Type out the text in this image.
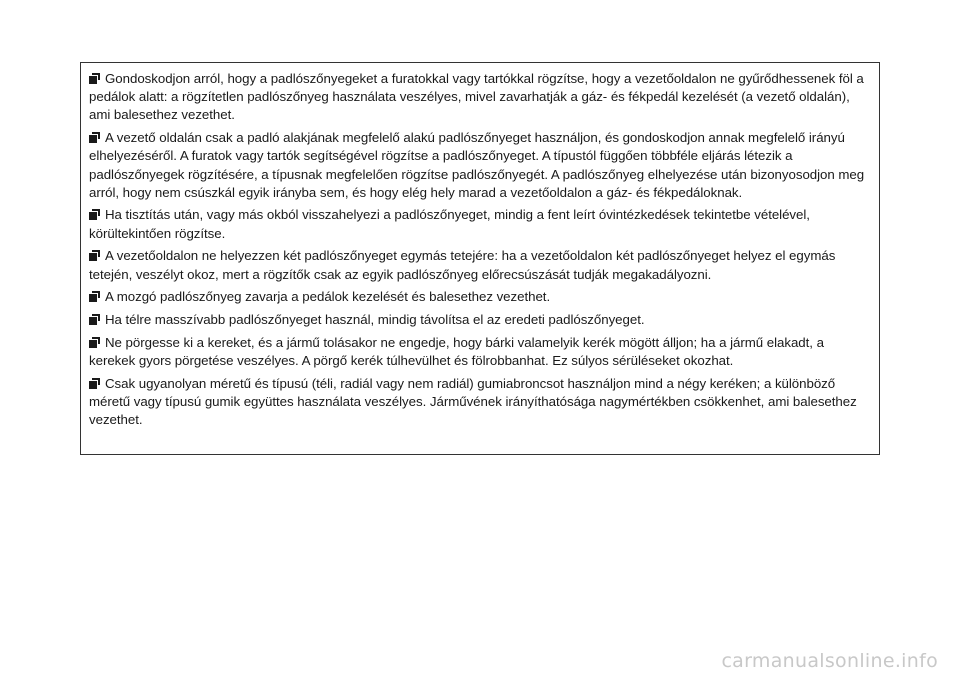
Gondoskodjon arról, hogy a padlószőnyegeket a furatokkal vagy tartókkal rögzítse, hogy a vezetőoldalon ne gyűrődhessenek föl a pedálok alatt: a rögzítetlen padlószőnyeg használata veszélyes, mivel zavarhatják a gáz- és fékpedál kezelését (a vezető oldalán), ami balesethez vezethet.

A vezető oldalán csak a padló alakjának megfelelő alakú padlószőnyeget használjon, és gondoskodjon annak megfelelő irányú elhelyezéséről. A furatok vagy tartók segítségével rögzítse a padlószőnyeget. A típustól függően többféle eljárás létezik a padlószőnyegek rögzítésére, a típusnak megfelelően rögzítse padlószőnyegét. A padlószőnyeg elhelyezése után bizonyosodjon meg arról, hogy nem csúszkál egyik irányba sem, és hogy elég hely marad a vezetőoldalon a gáz- és fékpedáloknak.

Ha tisztítás után, vagy más okból visszahelyezi a padlószőnyeget, mindig a fent leírt óvintézkedések tekintetbe vételével, körültekintően rögzítse.

A vezetőoldalon ne helyezzen két padlószőnyeget egymás tetejére: ha a vezetőoldalon két padlószőnyeget helyez el egymás tetején, veszélyt okoz, mert a rögzítők csak az egyik padlószőnyeg előrecsúszását tudják megakadályozni.

A mozgó padlószőnyeg zavarja a pedálok kezelését és balesethez vezethet.

Ha télre masszívabb padlószőnyeget használ, mindig távolítsa el az eredeti padlószőnyeget.

Ne pörgesse ki a kereket, és a jármű tolásakor ne engedje, hogy bárki valamelyik kerék mögött álljon; ha a jármű elakadt, a kerekek gyors pörgetése veszélyes. A pörgő kerék túlhevülhet és fölrobbanhat. Ez súlyos sérüléseket okozhat.

Csak ugyanolyan méretű és típusú (téli, radiál vagy nem radiál) gumiabroncsot használjon mind a négy keréken; a különböző méretű vagy típusú gumik együttes használata veszélyes. Járművének irányíthatósága nagymértékben csökkenhet, ami balesethez vezethet.

carmanualsonline.info
